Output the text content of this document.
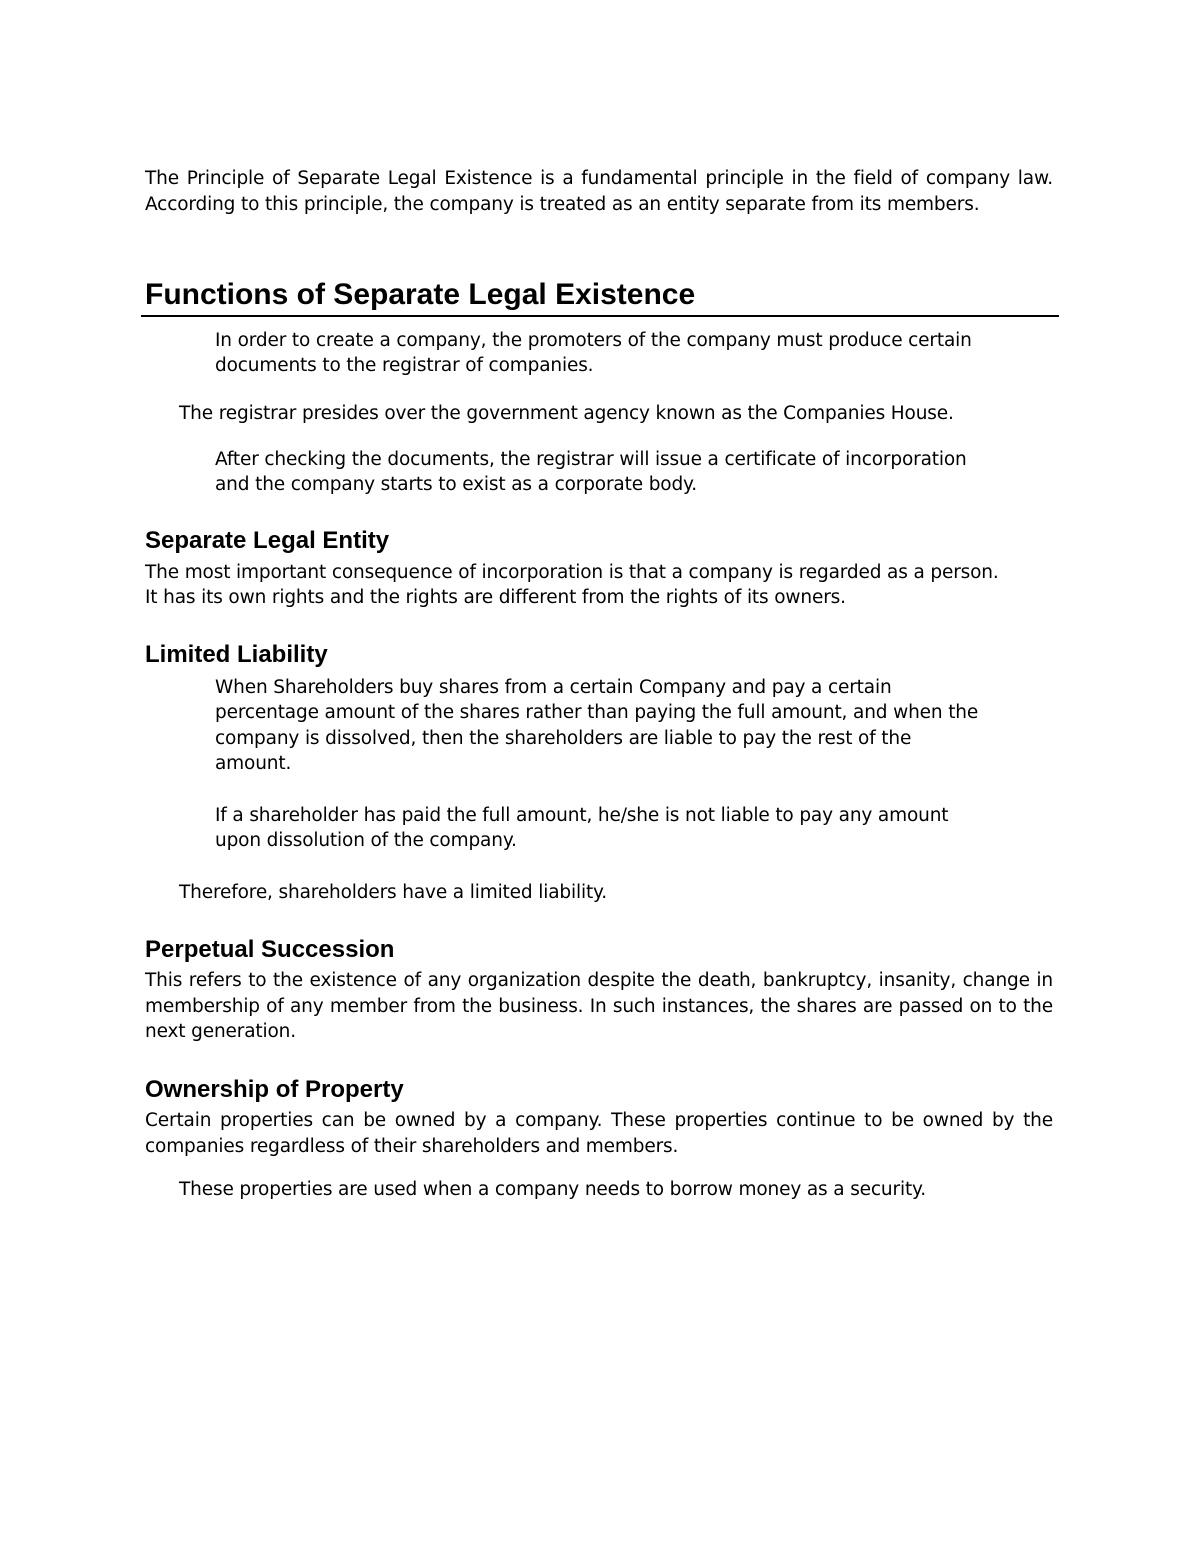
The Principle of Separate Legal Existence is a fundamental principle in the field of company law. According to this principle, the company is treated as an entity separate from its members.

Functions of Separate Legal Existence
In order to create a company, the promoters of the company must produce certain
documents to the registrar of companies.
The registrar presides over the government agency known as the Companies House.
After checking the documents, the registrar will issue a certificate of incorporation
and the company starts to exist as a corporate body.
Separate Legal Entity
The most important consequence of incorporation is that a company is regarded as a person.
It has its own rights and the rights are different from the rights of its owners.
Limited Liability
When Shareholders buy shares from a certain Company and pay a certain
percentage amount of the shares rather than paying the full amount, and when the
company is dissolved, then the shareholders are liable to pay the rest of the
amount.
If a shareholder has paid the full amount, he/she is not liable to pay any amount
upon dissolution of the company.
Therefore, shareholders have a limited liability.
Perpetual Succession

This refers to the existence of any organization despite the death, bankruptcy, insanity, change in membership of any member from the business. In such instances, the shares are passed on to the next generation.

Ownership of Property

Certain properties can be owned by a company. These properties continue to be owned by the companies regardless of their shareholders and members.

These properties are used when a company needs to borrow money as a security.
